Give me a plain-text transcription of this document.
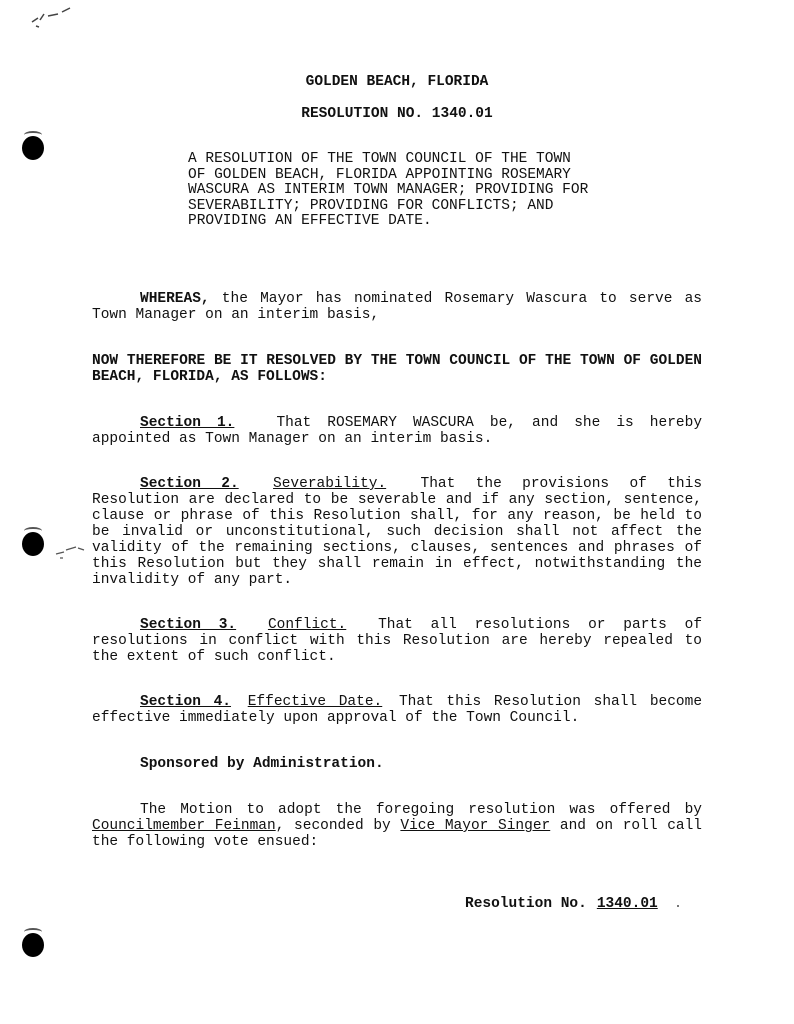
GOLDEN BEACH, FLORIDA
RESOLUTION NO. 1340.01
A RESOLUTION OF THE TOWN COUNCIL OF THE TOWN
OF GOLDEN BEACH, FLORIDA APPOINTING ROSEMARY
WASCURA AS INTERIM TOWN MANAGER; PROVIDING FOR
SEVERABILITY; PROVIDING FOR CONFLICTS; AND
PROVIDING AN EFFECTIVE DATE.
WHEREAS, the Mayor has nominated Rosemary Wascura to serve as Town Manager on an interim basis,
NOW THEREFORE BE IT RESOLVED BY THE TOWN COUNCIL OF THE TOWN OF GOLDEN BEACH, FLORIDA, AS FOLLOWS:
Section 1.	That ROSEMARY WASCURA be, and she is hereby appointed as Town Manager on an interim basis.
Section 2. Severability. That the provisions of this Resolution are declared to be severable and if any section, sentence, clause or phrase of this Resolution shall, for any reason, be held to be invalid or unconstitutional, such decision shall not affect the validity of the remaining sections, clauses, sentences and phrases of this Resolution but they shall remain in effect, notwithstanding the invalidity of any part.
Section 3. Conflict. That all resolutions or parts of resolutions in conflict with this Resolution are hereby repealed to the extent of such conflict.
Section 4. Effective Date. That this Resolution shall become effective immediately upon approval of the Town Council.
Sponsored by Administration.
The Motion to adopt the foregoing resolution was offered by Councilmember Feinman, seconded by Vice Mayor Singer and on roll call the following vote ensued:
Resolution No. 1340.01
